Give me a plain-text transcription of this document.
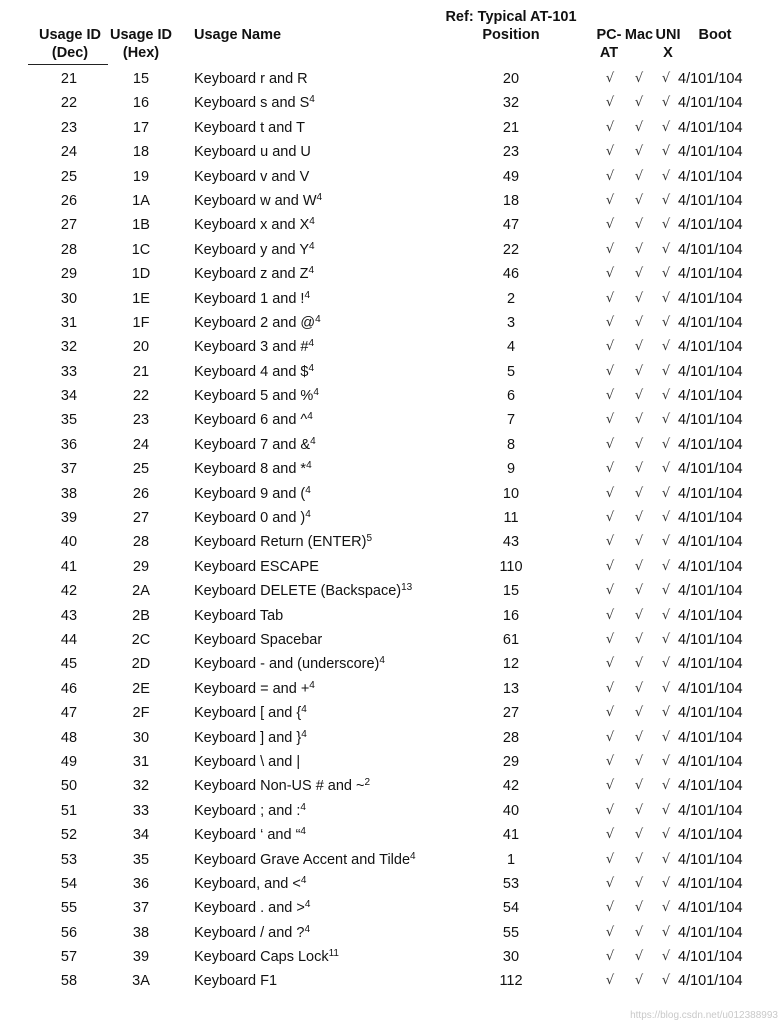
Usage ID
(Dec)
Usage ID
(Hex)
Usage Name
Ref: Typical AT-101
Position	PC-
AT
Mac UNI
X
Boot
21	15	Keyboard r and R	20	√ √ √ 4/101/104
22	16	Keyboard s and $S^4$	32	√ √ √ 4/101/104
23	17	Keyboard t and T	21	√ √ √ 4/101/104
24	18	Keyboard u and U	23	√ √ √ 4/101/104
25	19	Keyboard v and V	49	√ √ √ 4/101/104
26	1A	Keyboard w and $W^4$	18	√ √ √ 4/101/104
27	1B	Keyboard x and $X^4$	47	√ √ √ 4/101/104
28	1C	Keyboard y and $Y^4$	22	√ √ √ 4/101/104
29	1D	Keyboard z and $Z^4$	46	√ √ √ 4/101/104
30	1E	Keyboard 1 and !$^4$	2	√ √ √ 4/101/104
31	1F	Keyboard 2 and @$^4$	3	√ √ √ 4/101/104
32	20	Keyboard 3 and #$^4$	4	√ √ √ 4/101/104
33	21	Keyboard 4 and \$$^4$	5	√ √ √ 4/101/104
34	22	Keyboard 5 and %$^4$	6	√ √ √ 4/101/104
35	23	Keyboard 6 and ^$^4$	7	√ √ √ 4/101/104
36	24	Keyboard 7 and &$^4$	8	√ √ √ 4/101/104
37	25	Keyboard 8 and *$^4$	9	√ √ √ 4/101/104
38	26	Keyboard 9 and ($^4$	10	√ √ √ 4/101/104
39	27	Keyboard 0 and )$^4$	11	√ √ √ 4/101/104
40	28	Keyboard Return (ENTER)$^5$	43	√ √ √ 4/101/104
41	29	Keyboard ESCAPE	110	√ √ √ 4/101/104
42	2A	Keyboard DELETE (Backspace)$^{13}$	15	√ √ √ 4/101/104
43	2B	Keyboard Tab	16	√ √ √ 4/101/104
44	2C	Keyboard Spacebar	61	√ √ √ 4/101/104
45	2D	Keyboard - and (underscore)$^4$	12	√ √ √ 4/101/104
46	2E	Keyboard = and +$^4$	13	√ √ √ 4/101/104
47	2F	Keyboard [ and {$^4$	27	√ √ √ 4/101/104
48	30	Keyboard ] and }$^4$	28	√ √ √ 4/101/104
49	31	Keyboard \ and |	29	√ √ √ 4/101/104
50	32	Keyboard Non-US # and ~$^2$	42	√ √ √ 4/101/104
51	33	Keyboard ; and :$^4$	40	√ √ √ 4/101/104
52	34	Keyboard ‘ and “$^4$	41	√ √ √ 4/101/104
53	35	Keyboard Grave Accent and Tilde$^4$	1	√ √ √ 4/101/104
54	36	Keyboard, and <$^4$	53	√ √ √ 4/101/104
55	37	Keyboard . and >$^4$	54	√ √ √ 4/101/104
56	38	Keyboard / and ?$^4$	55	√ √ √ 4/101/104
57	39	Keyboard Caps Lock$^{11}$	30	√ √ √ 4/101/104
58	3A	Keyboard F1	112	√ √ √ 4/101/104
https://blog.csdn.net/u012388993
